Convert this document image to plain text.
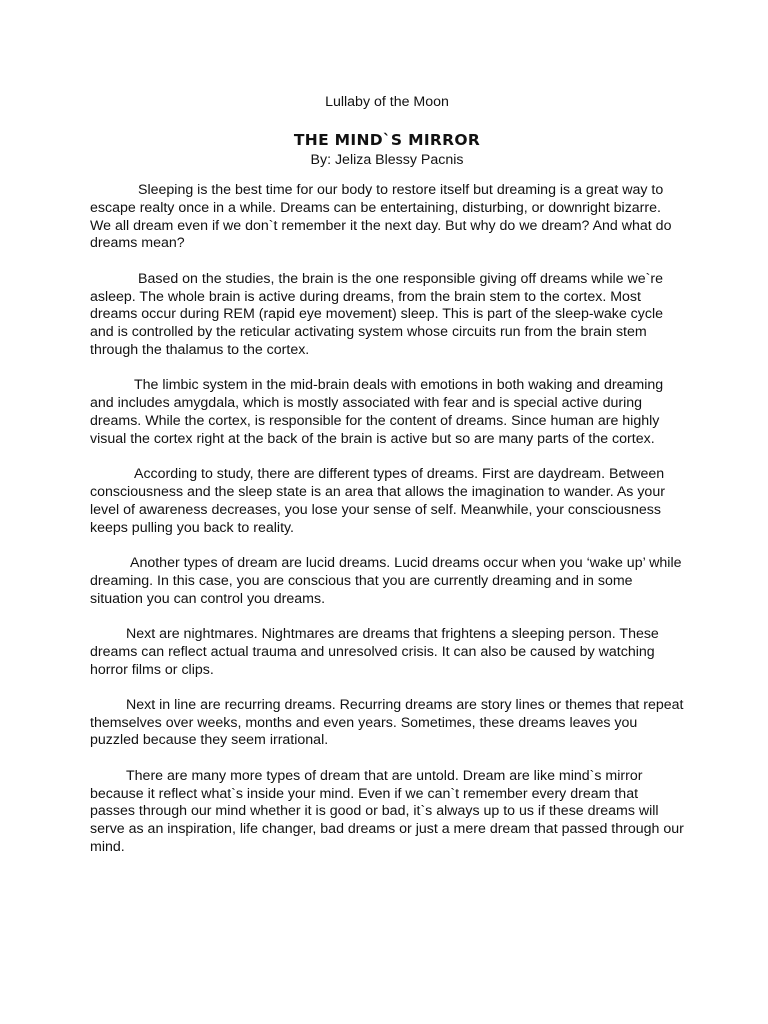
Lullaby of the Moon

THE MIND`S MIRROR

By: Jeliza Blessy Pacnis

Sleeping is the best time for our body to restore itself but dreaming is a great way to escape realty once in a while. Dreams can be entertaining, disturbing, or downright bizarre. We all dream even if we don`t remember it the next day. But why do we dream? And what do dreams mean?

Based on the studies, the brain is the one responsible giving off dreams while we`re asleep. The whole brain is active during dreams, from the brain stem to the cortex. Most dreams occur during REM (rapid eye movement) sleep. This is part of the sleep-wake cycle and is controlled by the reticular activating system whose circuits run from the brain stem through the thalamus to the cortex.

The limbic system in the mid-brain deals with emotions in both waking and dreaming and includes amygdala, which is mostly associated with fear and is special active during dreams. While the cortex, is responsible for the content of dreams. Since human are highly visual the cortex right at the back of the brain is active but so are many parts of the cortex.

According to study, there are different types of dreams. First are daydream. Between consciousness and the sleep state is an area that allows the imagination to wander. As your level of awareness decreases, you lose your sense of self. Meanwhile, your consciousness keeps pulling you back to reality.

Another types of dream are lucid dreams. Lucid dreams occur when you ‘wake up’ while dreaming. In this case, you are conscious that you are currently dreaming and in some situation you can control you dreams.

Next are nightmares. Nightmares are dreams that frightens a sleeping person. These dreams can reflect actual trauma and unresolved crisis. It can also be caused by watching horror films or clips.

Next in line are recurring dreams. Recurring dreams are story lines or themes that repeat themselves over weeks, months and even years. Sometimes, these dreams leaves you puzzled because they seem irrational.

There are many more types of dream that are untold. Dream are like mind`s mirror because it reflect what`s inside your mind. Even if we can`t remember every dream that passes through our mind whether it is good or bad, it`s always up to us if these dreams will serve as an inspiration, life changer, bad dreams or just a mere dream that passed through our mind.
